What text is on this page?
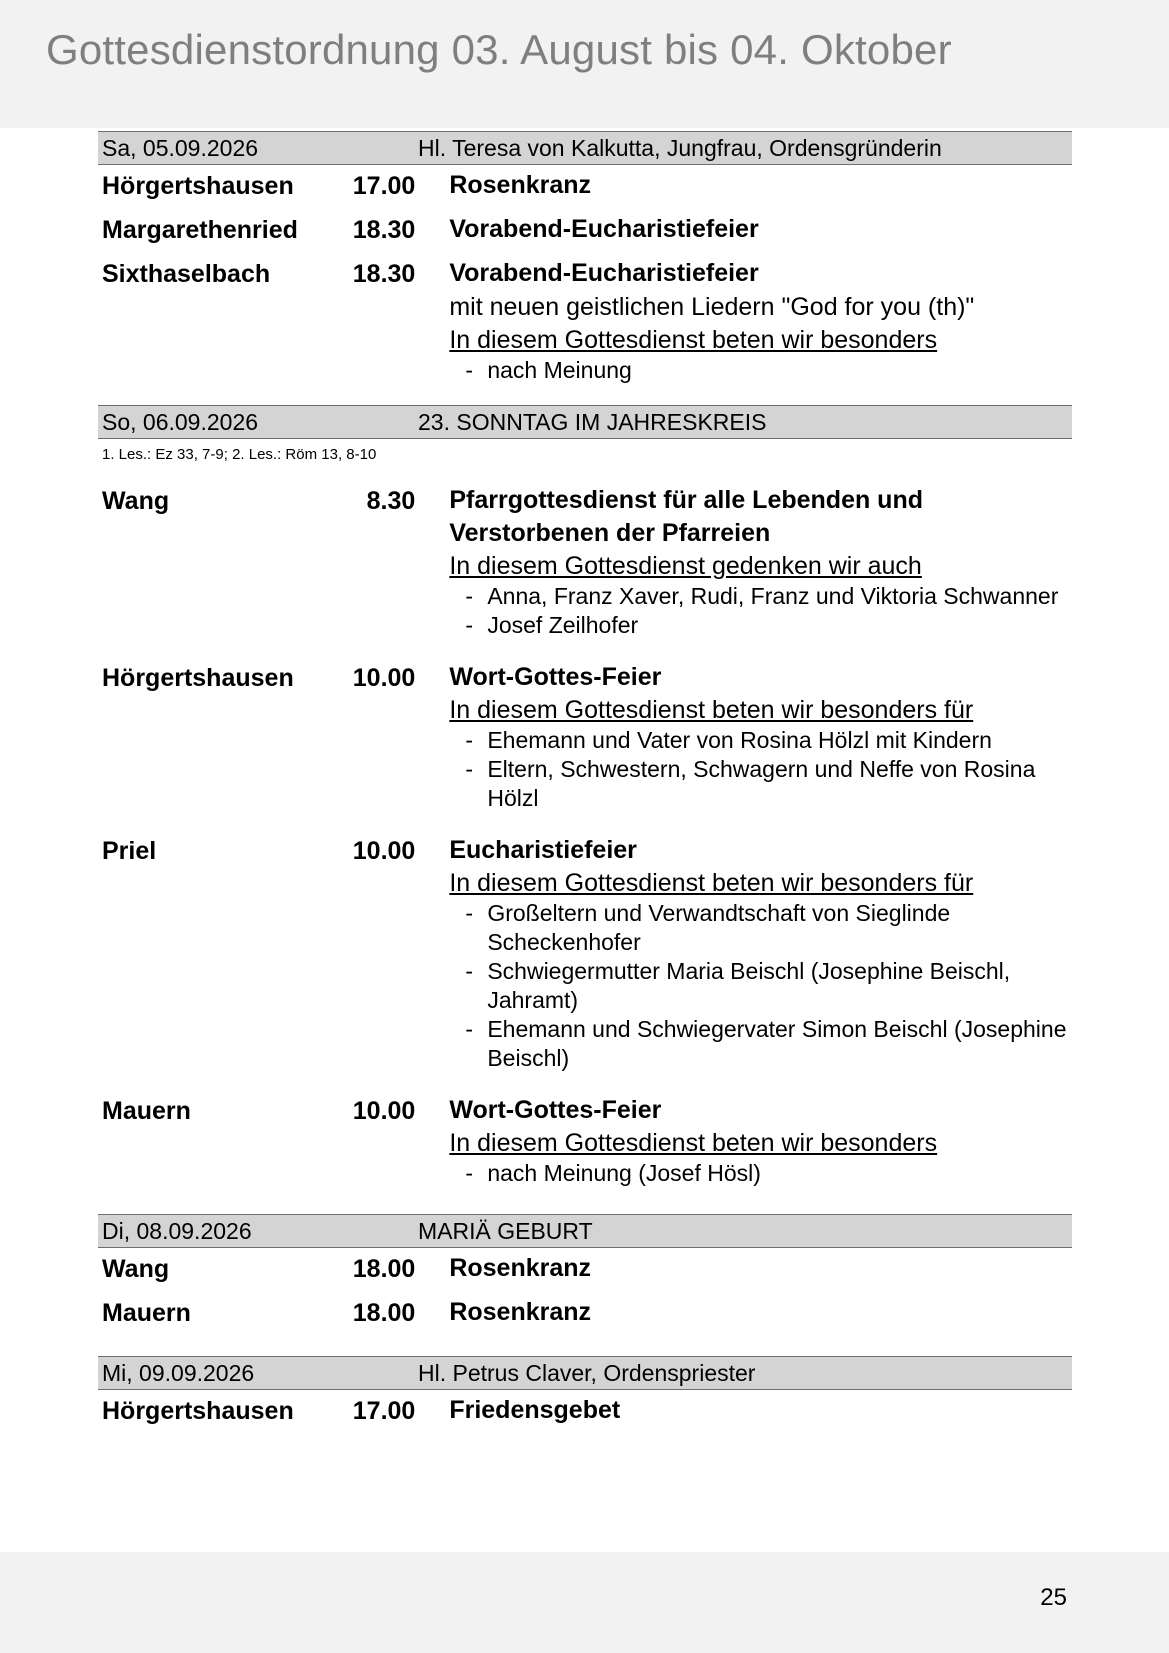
Gottesdienstordnung 03. August bis 04. Oktober
Sa, 05.09.2026	Hl. Teresa von Kalkutta, Jungfrau, Ordensgründerin
Hörgertshausen	17.00 Rosenkranz
Margarethenried	18.30 Vorabend-Eucharistiefeier
Sixthaselbach	18.30 Vorabend-Eucharistiefeier
mit neuen geistlichen Liedern "God for you (th)"
In diesem Gottesdienst beten wir besonders
- nach Meinung
So, 06.09.2026	23. SONNTAG IM JAHRESKREIS
1. Les.: Ez 33, 7-9; 2. Les.: Röm 13, 8-10
Wang	8.30 Pfarrgottesdienst für alle Lebenden und Verstorbenen der Pfarreien
In diesem Gottesdienst gedenken wir auch
- Anna, Franz Xaver, Rudi, Franz und Viktoria Schwanner
- Josef Zeilhofer
Hörgertshausen	10.00 Wort-Gottes-Feier
In diesem Gottesdienst beten wir besonders für
- Ehemann und Vater von Rosina Hölzl mit Kindern
- Eltern, Schwestern, Schwagern und Neffe von Rosina Hölzl
Priel	10.00 Eucharistiefeier
In diesem Gottesdienst beten wir besonders für
- Großeltern und Verwandtschaft von Sieglinde Scheckenhofer
- Schwiegermutter Maria Beischl (Josephine Beischl, Jahramt)
- Ehemann und Schwiegervater Simon Beischl (Josephine Beischl)
Mauern	10.00 Wort-Gottes-Feier
In diesem Gottesdienst beten wir besonders
- nach Meinung (Josef Hösl)
Di, 08.09.2026	MARIÄ GEBURT
Wang	18.00 Rosenkranz
Mauern	18.00 Rosenkranz
Mi, 09.09.2026	Hl. Petrus Claver, Ordenspriester
Hörgertshausen	17.00 Friedensgebet
25
